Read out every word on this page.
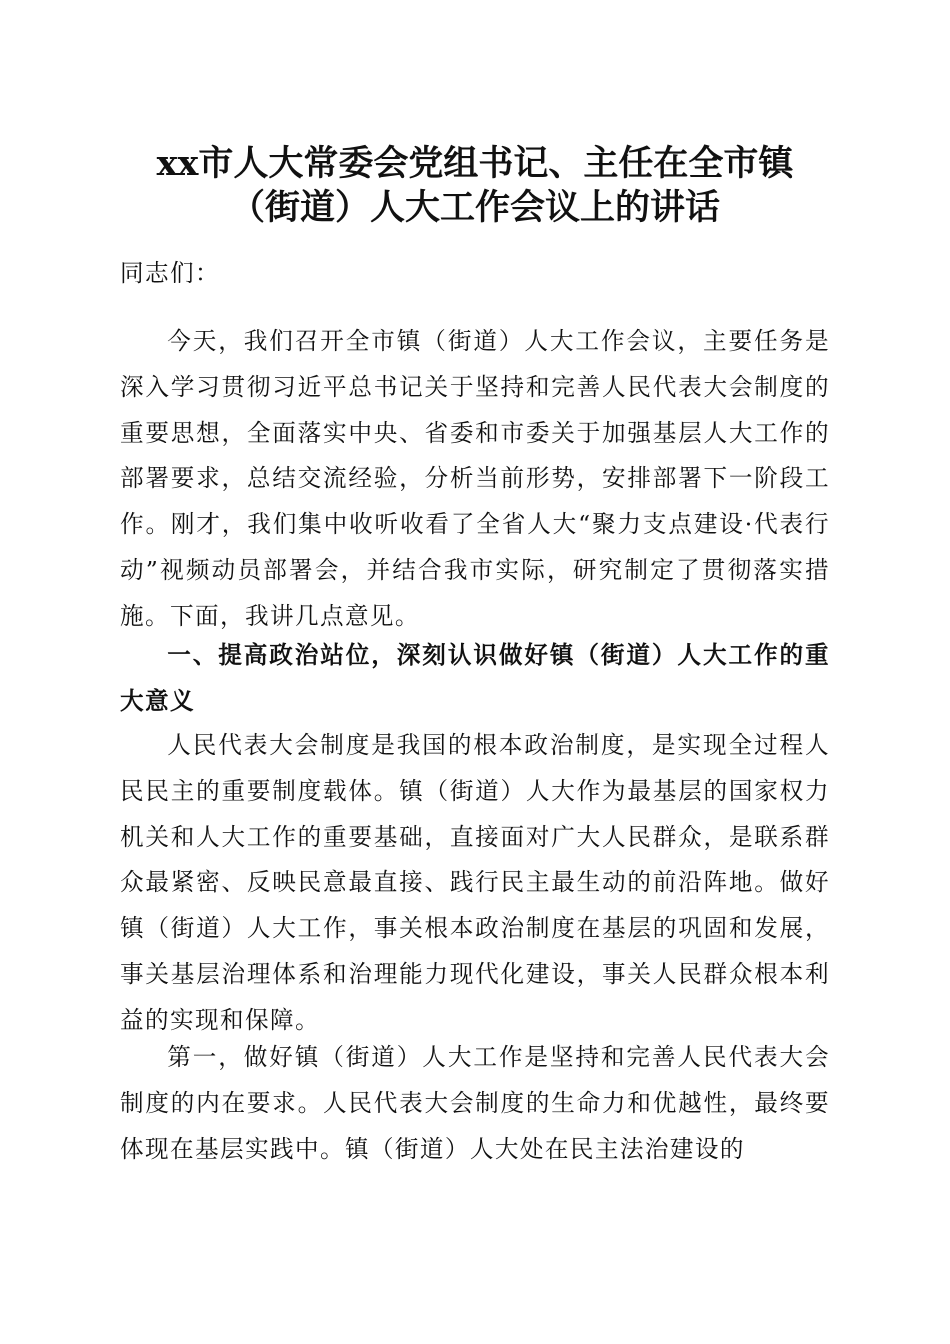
xx市人大常委会党组书记、主任在全市镇
（街道）人大工作会议上的讲话

同志们：

今天，我们召开全市镇（街道）人大工作会议，主要任务是深入学习贯彻习近平总书记关于坚持和完善人民代表大会制度的重要思想，全面落实中央、省委和市委关于加强基层人大工作的部署要求，总结交流经验，分析当前形势，安排部署下一阶段工作。刚才，我们集中收听收看了全省人大“聚力支点建设·代表行动”视频动员部署会，并结合我市实际，研究制定了贯彻落实措施。下面，我讲几点意见。

一、提高政治站位，深刻认识做好镇（街道）人大工作的重大意义

人民代表大会制度是我国的根本政治制度，是实现全过程人民民主的重要制度载体。镇（街道）人大作为最基层的国家权力机关和人大工作的重要基础，直接面对广大人民群众，是联系群众最紧密、反映民意最直接、践行民主最生动的前沿阵地。做好镇（街道）人大工作，事关根本政治制度在基层的巩固和发展，事关基层治理体系和治理能力现代化建设，事关人民群众根本利益的实现和保障。

第一，做好镇（街道）人大工作是坚持和完善人民代表大会制度的内在要求。人民代表大会制度的生命力和优越性，最终要体现在基层实践中。镇（街道）人大处在民主法治建设的
